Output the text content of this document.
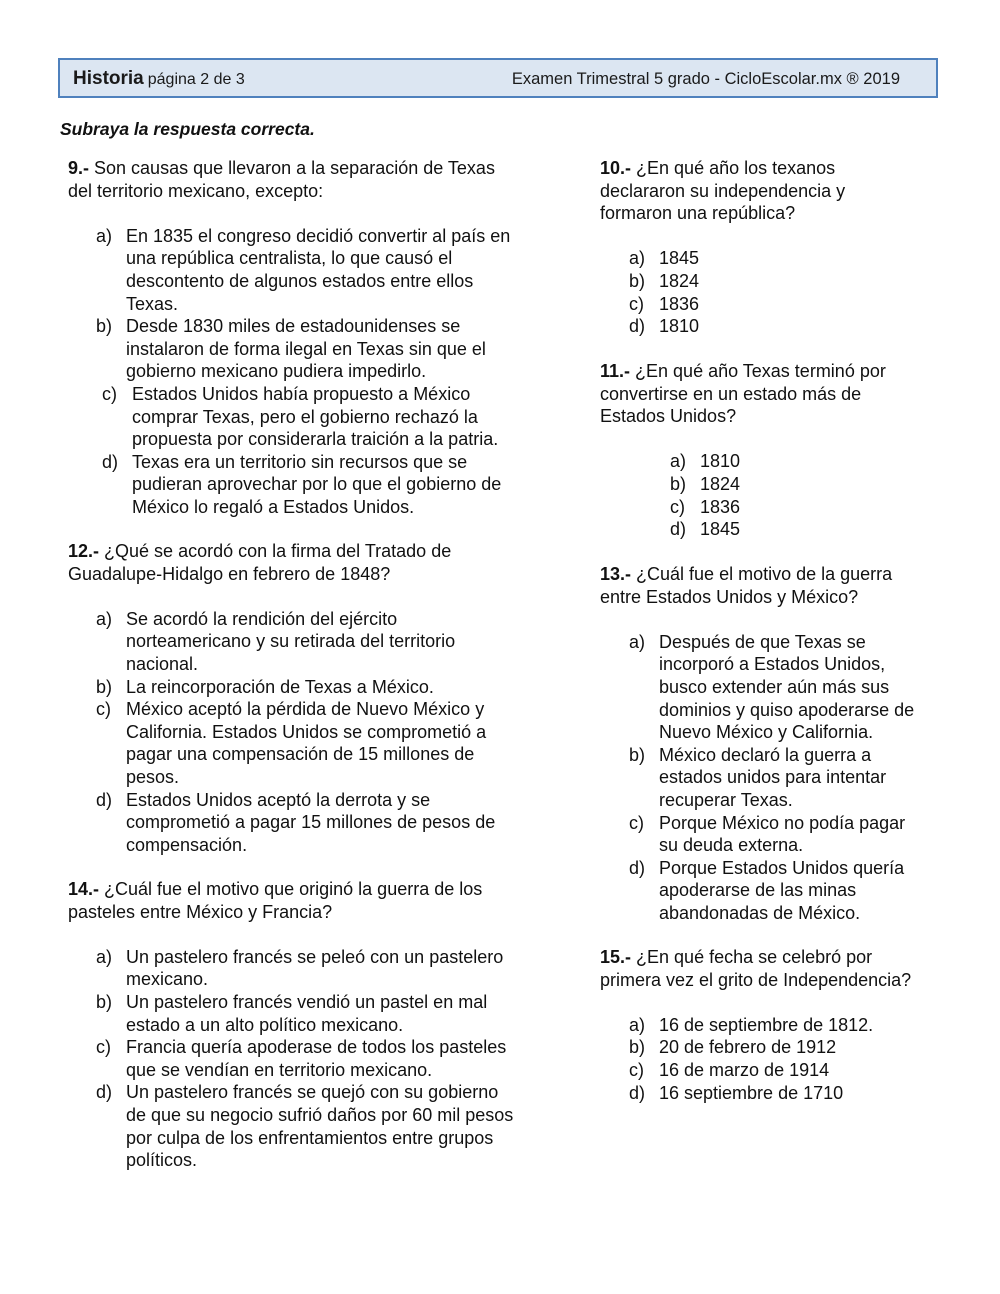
Historia página 2 de 3	Examen Trimestral 5 grado - CicloEscolar.mx ® 2019
Subraya la respuesta correcta.
9.- Son causas que llevaron a la separación de Texas
del territorio mexicano, excepto:
a) En 1835 el congreso decidió convertir al país en
una república centralista, lo que causó el
descontento de algunos estados entre ellos
Texas.
b) Desde 1830 miles de estadounidenses se
instalaron de forma ilegal en Texas sin que el
gobierno mexicano pudiera impedirlo.
c) Estados Unidos había propuesto a México
comprar Texas, pero el gobierno rechazó la
propuesta por considerarla traición a la patria.
d) Texas era un territorio sin recursos que se
pudieran aprovechar por lo que el gobierno de
México lo regaló a Estados Unidos.
10.- ¿En qué año los texanos
declararon su independencia y
formaron una república?
a) 1845
b) 1824
c) 1836
d) 1810
11.- ¿En qué año Texas terminó por
convertirse en un estado más de
Estados Unidos?
a) 1810
b) 1824
c) 1836
d) 1845
12.- ¿Qué se acordó con la firma del Tratado de
Guadalupe-Hidalgo en febrero de 1848?
a) Se acordó la rendición del ejército
norteamericano y su retirada del territorio
nacional.
b) La reincorporación de Texas a México.
c) México aceptó la pérdida de Nuevo México y
California. Estados Unidos se comprometió a
pagar una compensación de 15 millones de
pesos.
d) Estados Unidos aceptó la derrota y se
comprometió a pagar 15 millones de pesos de
compensación.
13.- ¿Cuál fue el motivo de la guerra
entre Estados Unidos y México?
a) Después de que Texas se
incorporó a Estados Unidos,
busco extender aún más sus
dominios y quiso apoderarse de
Nuevo México y California.
b) México declaró la guerra a
estados unidos para intentar
recuperar Texas.
c) Porque México no podía pagar
su deuda externa.
d) Porque Estados Unidos quería
apoderarse de las minas
abandonadas de México.
14.- ¿Cuál fue el motivo que originó la guerra de los
pasteles entre México y Francia?
a) Un pastelero francés se peleó con un pastelero
mexicano.
b) Un pastelero francés vendió un pastel en mal
estado a un alto político mexicano.
c) Francia quería apoderase de todos los pasteles
que se vendían en territorio mexicano.
d) Un pastelero francés se quejó con su gobierno
de que su negocio sufrió daños por 60 mil pesos
por culpa de los enfrentamientos entre grupos
políticos.
15.- ¿En qué fecha se celebró por
primera vez el grito de Independencia?
a) 16 de septiembre de 1812.
b) 20 de febrero de 1912
c) 16 de marzo de 1914
d) 16 septiembre de 1710
